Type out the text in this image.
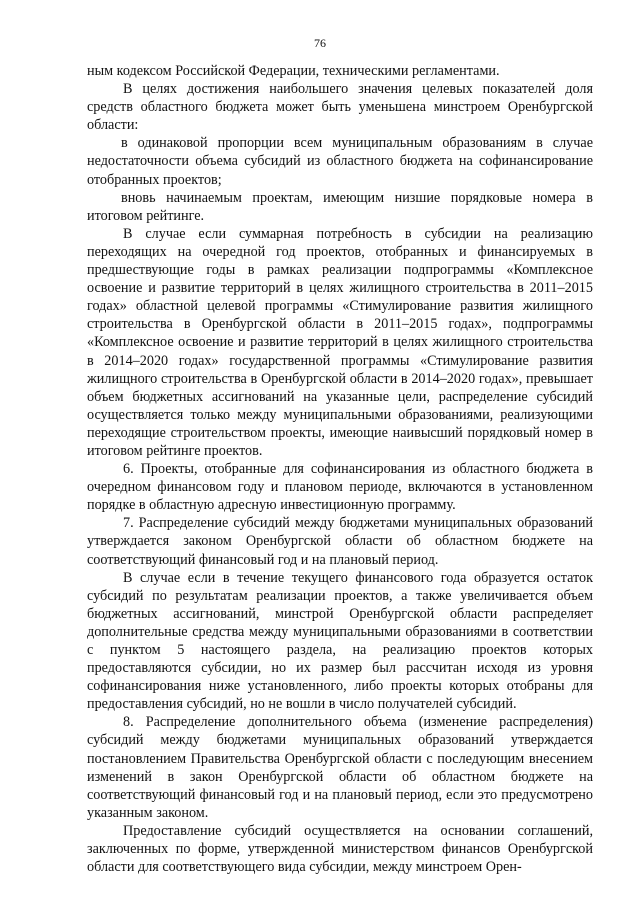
76

ным кодексом Российской Федерации, техническими регламентами.

В целях достижения наибольшего значения целевых показателей доля средств областного бюджета может быть уменьшена минстроем Оренбургской области:

в одинаковой пропорции всем муниципальным образованиям в случае недостаточности объема субсидий из областного бюджета на софинансирование отобранных проектов;

вновь начинаемым проектам, имеющим низшие порядковые номера в итоговом рейтинге.

В случае если суммарная потребность в субсидии на реализацию переходящих на очередной год проектов, отобранных и финансируемых в предшествующие годы в рамках реализации подпрограммы «Комплексное освоение и развитие территорий в целях жилищного строительства в 2011–2015 годах» областной целевой программы «Стимулирование развития жилищного строительства в Оренбургской области в 2011–2015 годах», подпрограммы «Комплексное освоение и развитие территорий в целях жилищного строительства в 2014–2020 годах» государственной программы «Стимулирование развития жилищного строительства в Оренбургской области в 2014–2020 годах», превышает объем бюджетных ассигнований на указанные цели, распределение субсидий осуществляется только между муниципальными образованиями, реализующими переходящие строительством проекты, имеющие наивысший порядковый номер в итоговом рейтинге проектов.

6. Проекты, отобранные для софинансирования из областного бюджета в очередном финансовом году и плановом периоде, включаются в установленном порядке в областную адресную инвестиционную программу.

7. Распределение субсидий между бюджетами муниципальных образований утверждается законом Оренбургской области об областном бюджете на соответствующий финансовый год и на плановый период.

В случае если в течение текущего финансового года образуется остаток субсидий по результатам реализации проектов, а также увеличивается объем бюджетных ассигнований, минстрой Оренбургской области распределяет дополнительные средства между муниципальными образованиями в соответствии с пунктом 5 настоящего раздела, на реализацию проектов которых предоставляются субсидии, но их размер был рассчитан исходя из уровня софинансирования ниже установленного, либо проекты которых отобраны для предоставления субсидий, но не вошли в число получателей субсидий.

8. Распределение дополнительного объема (изменение распределения) субсидий между бюджетами муниципальных образований утверждается постановлением Правительства Оренбургской области с последующим внесением изменений в закон Оренбургской области об областном бюджете на соответствующий финансовый год и на плановый период, если это предусмотрено указанным законом.

Предоставление субсидий осуществляется на основании соглашений, заключенных по форме, утвержденной министерством финансов Оренбургской области для соответствующего вида субсидии, между минстроем Орен-
